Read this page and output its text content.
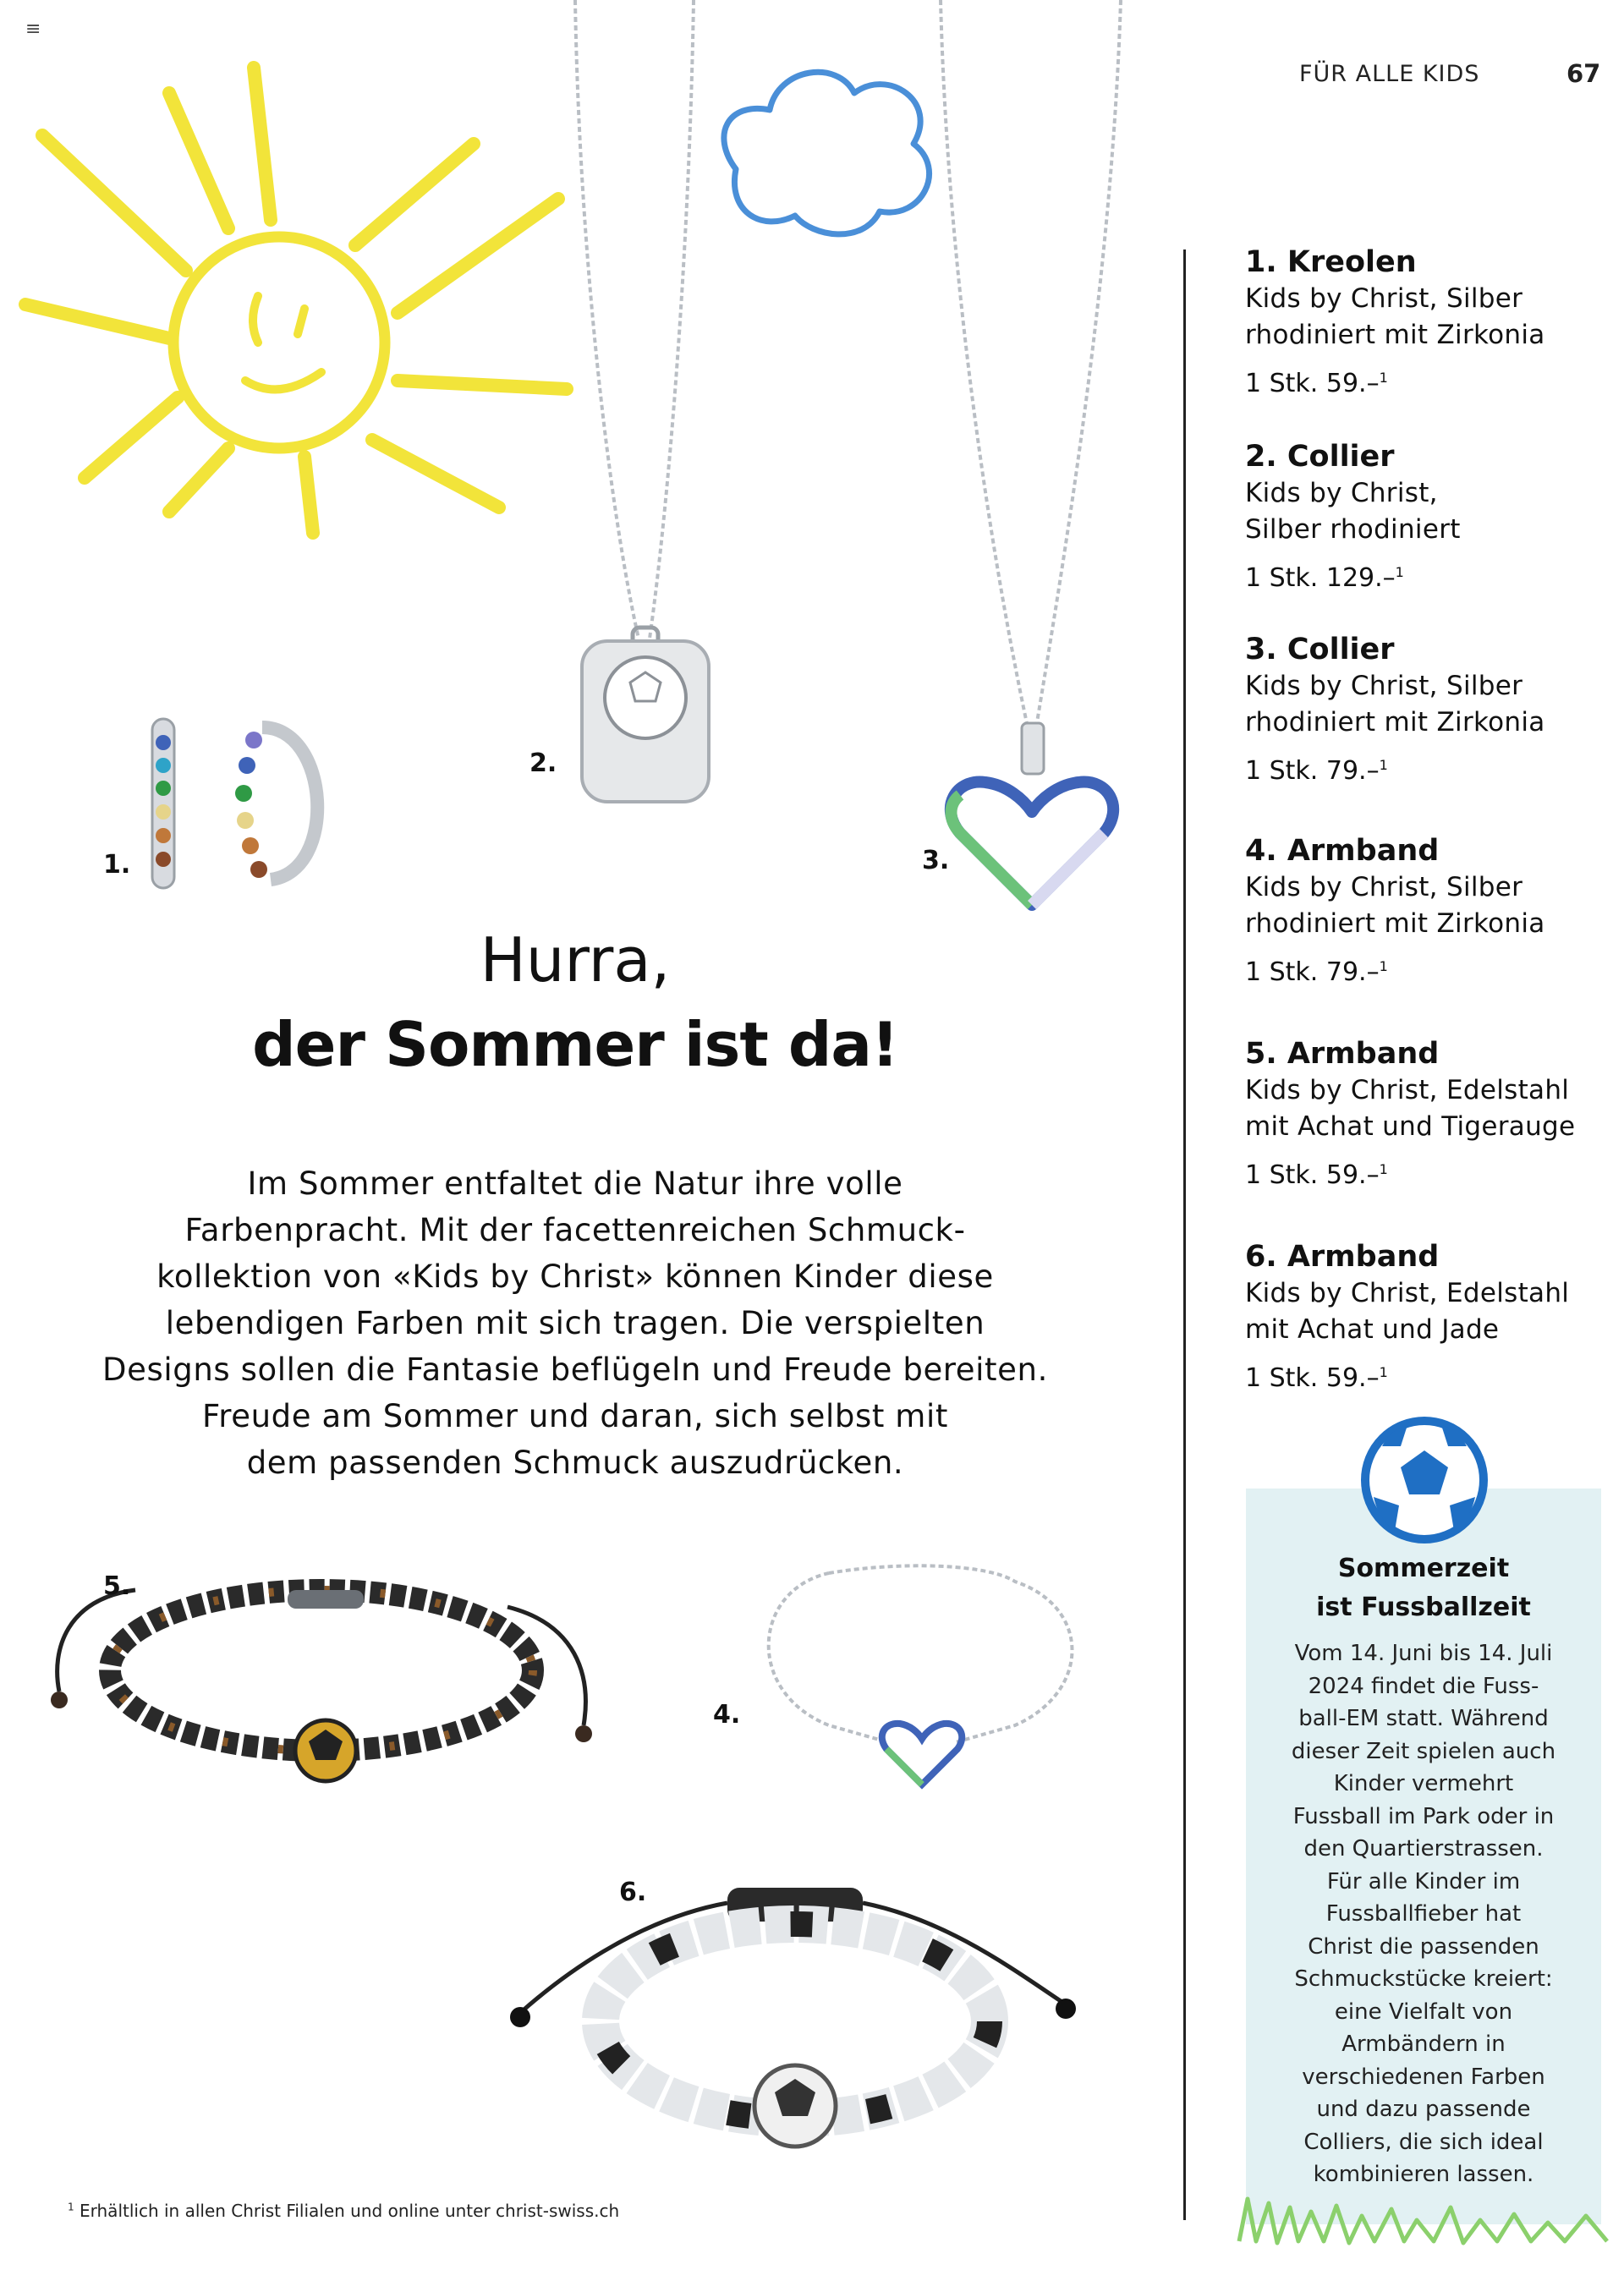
≡
FÜR ALLE KIDS	67
2.
3.
1.
Hurra,
der Sommer ist da!
Im Sommer entfaltet die Natur ihre volle
Farbenpracht. Mit der facettenreichen Schmuck-
kollektion von «Kids by Christ» können Kinder diese
lebendigen Farben mit sich tragen. Die verspielten
Designs sollen die Fantasie beflügeln und Freude bereiten.
Freude am Sommer und daran, sich selbst mit
dem passenden Schmuck auszudrücken.
5.
4.
6.
1. Kreolen
Kids by Christ, Silber
rhodiniert mit Zirkonia
1 Stk. 59.–$^1$
2. Collier
Kids by Christ,
Silber rhodiniert
1 Stk. 129.–$^1$
3. Collier
Kids by Christ, Silber
rhodiniert mit Zirkonia
1 Stk. 79.–$^1$
4. Armband
Kids by Christ, Silber
rhodiniert mit Zirkonia
1 Stk. 79.–$^1$
5. Armband
Kids by Christ, Edelstahl
mit Achat und Tigerauge
1 Stk. 59.–$^1$
6. Armband
Kids by Christ, Edelstahl
mit Achat und Jade
1 Stk. 59.–$^1$
Sommerzeit
ist Fussballzeit
Vom 14. Juni bis 14. Juli
2024 findet die Fuss-
ball-EM statt. Während
dieser Zeit spielen auch
Kinder vermehrt
Fussball im Park oder in
den Quartierstrassen.
Für alle Kinder im
Fussballfieber hat
Christ die passenden
Schmuckstücke kreiert:
eine Vielfalt von
Armbändern in
verschiedenen Farben
und dazu passende
Colliers, die sich ideal
kombinieren lassen.
$^1$ Erhältlich in allen Christ Filialen und online unter christ-swiss.ch
